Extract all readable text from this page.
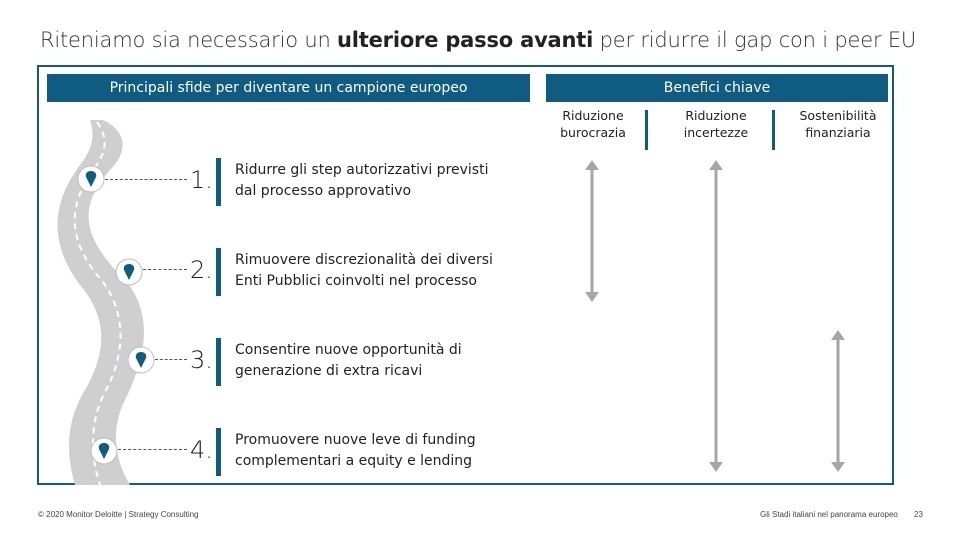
Riteniamo sia necessario un ulteriore passo avanti per ridurre il gap con i peer EU
Principali sfide per diventare un campione europeo	Benefici chiave
Riduzione
burocrazia
Riduzione
incertezze
Sostenibilità
finanziaria
1. Ridurre gli step autorizzativi previsti
dal processo approvativo
2. Rimuovere discrezionalità dei diversi
Enti Pubblici coinvolti nel processo
3. Consentire nuove opportunità di
generazione di extra ricavi
4. Promuovere nuove leve di funding
complementari a equity e lending
© 2020 Monitor Deloitte | Strategy Consulting	Gli Stadi italiani nel panorama europeo 23
